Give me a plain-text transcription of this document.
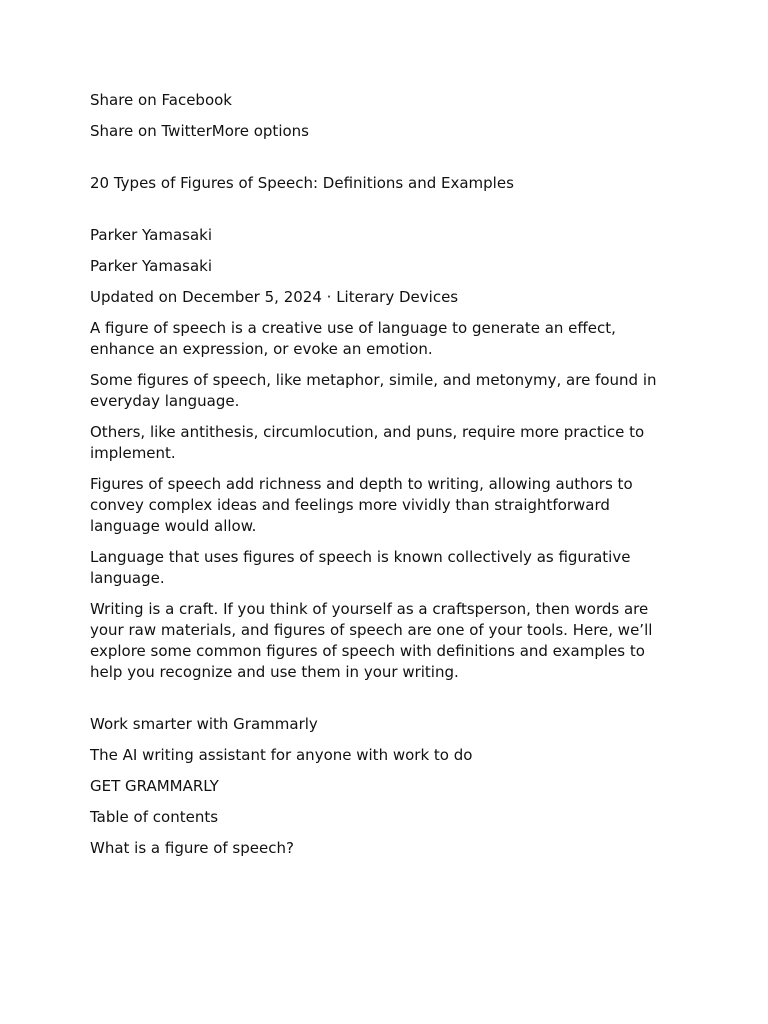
Share on Facebook
Share on TwitterMore options
20 Types of Figures of Speech: Definitions and Examples
Parker Yamasaki
Parker Yamasaki
Updated on December 5, 2024 · Literary Devices

A figure of speech is a creative use of language to generate an effect, enhance an expression, or evoke an emotion.

Some figures of speech, like metaphor, simile, and metonymy, are found in everyday language.

Others, like antithesis, circumlocution, and puns, require more practice to implement.

Figures of speech add richness and depth to writing, allowing authors to convey complex ideas and feelings more vividly than straightforward language would allow.

Language that uses figures of speech is known collectively as figurative language.

Writing is a craft. If you think of yourself as a craftsperson, then words are your raw materials, and figures of speech are one of your tools. Here, we’ll explore some common figures of speech with definitions and examples to help you recognize and use them in your writing.

Work smarter with Grammarly
The AI writing assistant for anyone with work to do
GET GRAMMARLY
Table of contents
What is a figure of speech?
